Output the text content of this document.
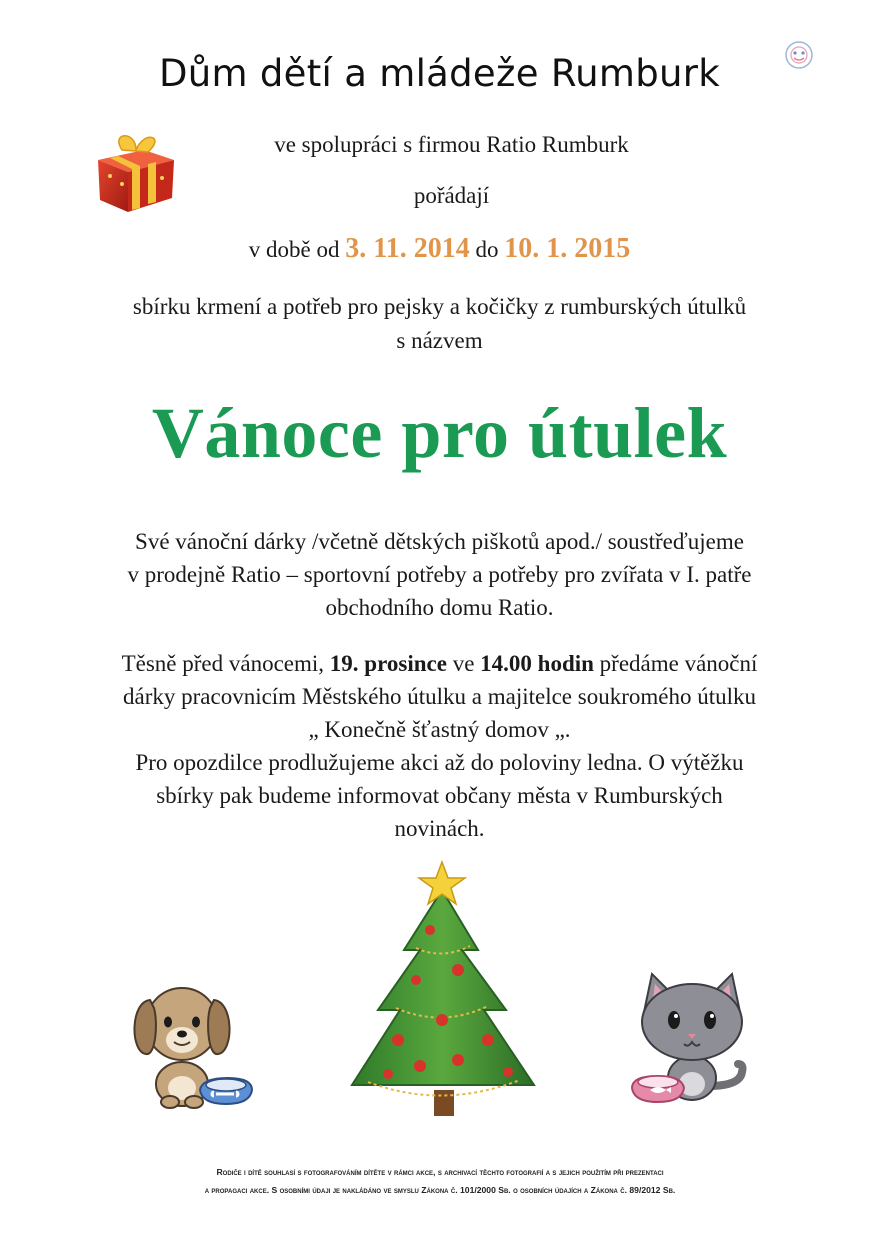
Dům dětí a mládeže Rumburk
ve spolupráci s firmou Ratio Rumburk
pořádají
v době od 3. 11. 2014 do 10. 1. 2015
sbírku krmení a potřeb pro pejsky a kočičky z rumburských útulků
s názvem
Vánoce pro útulek
Své vánoční dárky /včetně dětských piškotů apod./ soustřeďujeme
v prodejně Ratio – sportovní potřeby a potřeby pro zvířata v I. patře
obchodního domu Ratio.
Těsně před vánocemi, 19. prosince ve 14.00 hodin předáme vánoční
dárky pracovnicím Městského útulku a majitelce soukromého útulku
„ Konečně šťastný domov „.
Pro opozdilce prodlužujeme akci až do poloviny ledna. O výtěžku
sbírky pak budeme informovat občany města v Rumburských
novinách.
Rodiče i dítě souhlasí s fotografováním dítěte v rámci akce, s archivací těchto fotografií a s jejich použitím při prezentaci
a propagaci akce. S osobními údaji je nakládáno ve smyslu Zákona č. 101/2000 Sb. o osobních údajích a Zákona č. 89/2012 Sb.
